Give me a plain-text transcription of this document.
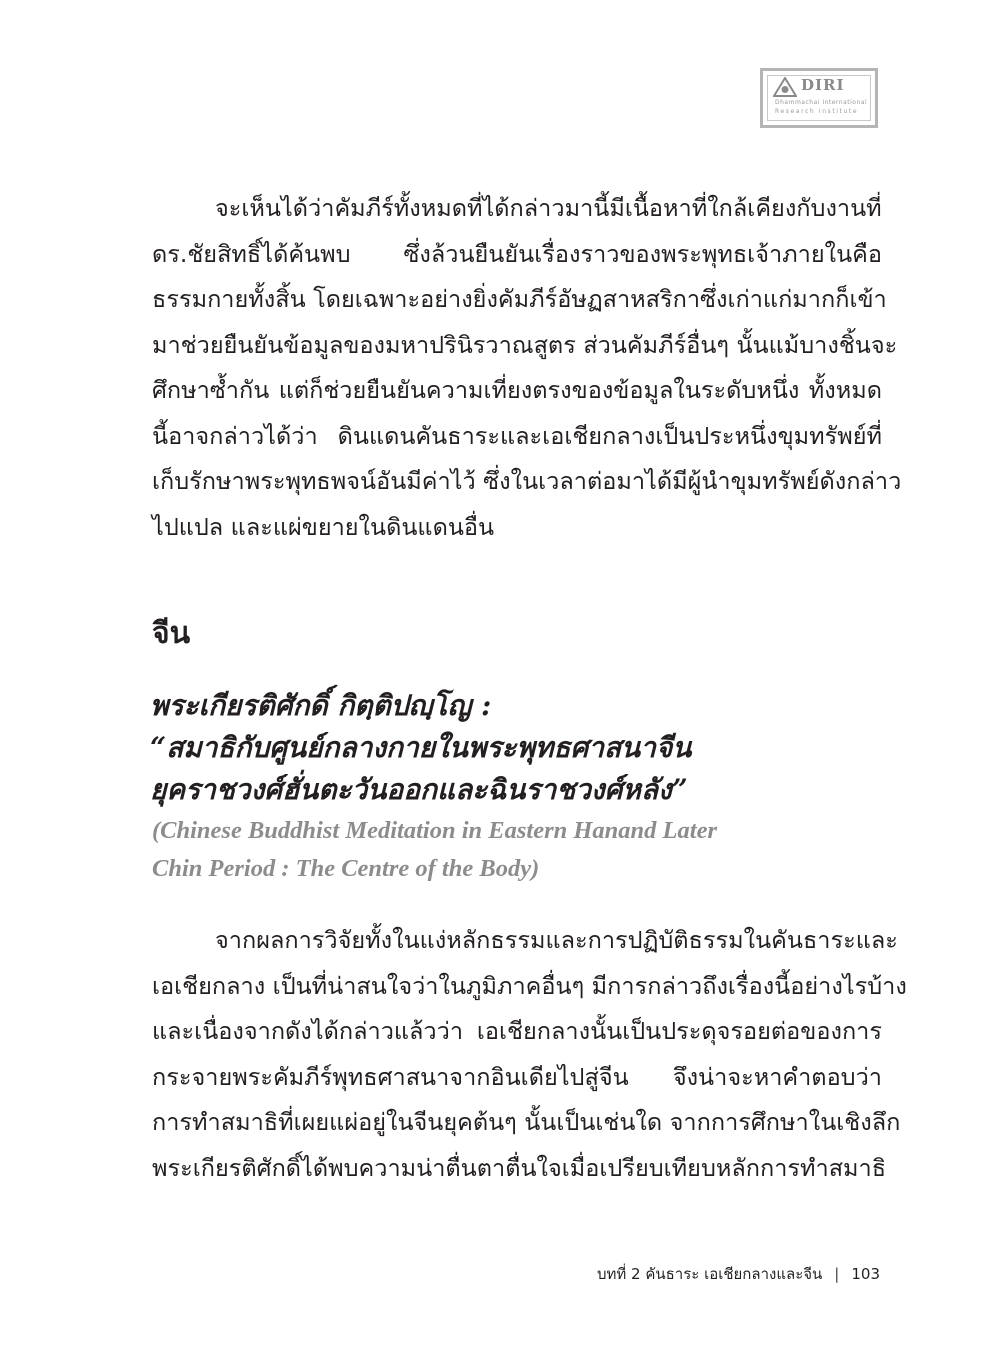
DIRI
Dhammachai International
Research Institute
จะเห็นได้ว่าคัมภีร์ทั้งหมดที่ได้กล่าวมานี้มีเนื้อหาที่ใกล้เคียงกับงานที่
ดร.ชัยสิทธิ์ได้ค้นพบ ซึ่งล้วนยืนยันเรื่องราวของพระพุทธเจ้าภายในคือ
ธรรมกายทั้งสิ้น โดยเฉพาะอย่างยิ่งคัมภีร์อัษฏสาหสริกาซึ่งเก่าแก่มากก็เข้า
มาช่วยยืนยันข้อมูลของมหาปรินิรวาณสูตร ส่วนคัมภีร์อื่นๆ นั้นแม้บางชิ้นจะ
ศึกษาซ้ำกัน แต่ก็ช่วยยืนยันความเที่ยงตรงของข้อมูลในระดับหนึ่ง ทั้งหมด
นี้อาจกล่าวได้ว่า ดินแดนคันธาระและเอเชียกลางเป็นประหนึ่งขุมทรัพย์ที่
เก็บรักษาพระพุทธพจน์อันมีค่าไว้ ซึ่งในเวลาต่อมาได้มีผู้นำขุมทรัพย์ดังกล่าว
ไปแปล และแผ่ขยายในดินแดนอื่น
จีน
พระเกียรติศักดิ์ กิตฺติปญฺโญ :
“สมาธิกับศูนย์กลางกายในพระพุทธศาสนาจีน
ยุคราชวงศ์ฮั่นตะวันออกและฉินราชวงศ์หลัง”
(Chinese Buddhist Meditation in Eastern Hanand Later
Chin Period : The Centre of the Body)
จากผลการวิจัยทั้งในแง่หลักธรรมและการปฏิบัติธรรมในคันธาระและ
เอเชียกลาง เป็นที่น่าสนใจว่าในภูมิภาคอื่นๆ มีการกล่าวถึงเรื่องนี้อย่างไรบ้าง
และเนื่องจากดังได้กล่าวแล้วว่า เอเชียกลางนั้นเป็นประดุจรอยต่อของการ
กระจายพระคัมภีร์พุทธศาสนาจากอินเดียไปสู่จีน จึงน่าจะหาคำตอบว่า
การทำสมาธิที่เผยแผ่อยู่ในจีนยุคต้นๆ นั้นเป็นเช่นใด จากการศึกษาในเชิงลึก
พระเกียรติศักดิ์ได้พบความน่าตื่นตาตื่นใจเมื่อเปรียบเทียบหลักการทำสมาธิ
บทที่ 2 คันธาระ เอเชียกลางและจีน | 103
